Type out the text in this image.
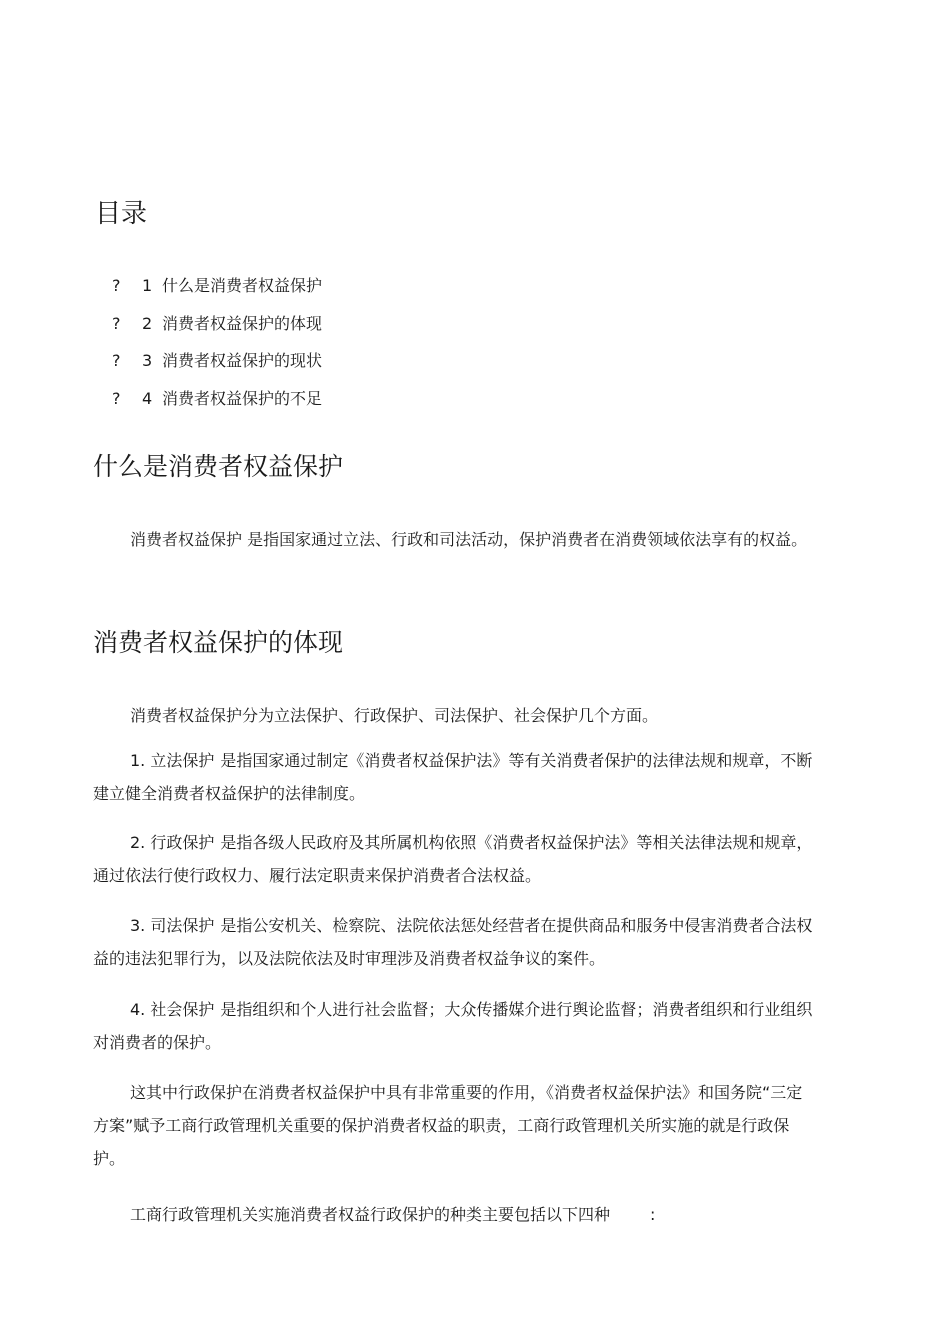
目录
? 1 什么是消费者权益保护
? 2 消费者权益保护的体现
? 3 消费者权益保护的现状
? 4 消费者权益保护的不足
什么是消费者权益保护

消费者权益保护 是指国家通过立法、行政和司法活动，保护消费者在消费领域依法享有的权益。

消费者权益保护的体现

消费者权益保护分为立法保护、行政保护、司法保护、社会保护几个方面。

1. 立法保护 是指国家通过制定《消费者权益保护法》等有关消费者保护的法律法规和规章，不断建立健全消费者权益保护的法律制度。

2. 行政保护 是指各级人民政府及其所属机构依照《消费者权益保护法》等相关法律法规和规章，通过依法行使行政权力、履行法定职责来保护消费者合法权益。

3. 司法保护 是指公安机关、检察院、法院依法惩处经营者在提供商品和服务中侵害消费者合法权益的违法犯罪行为，以及法院依法及时审理涉及消费者权益争议的案件。

4. 社会保护 是指组织和个人进行社会监督；大众传播媒介进行舆论监督；消费者组织和行业组织对消费者的保护。

这其中行政保护在消费者权益保护中具有非常重要的作用，《消费者权益保护法》和国务院“三定方案”赋予工商行政管理机关重要的保护消费者权益的职责，工商行政管理机关所实施的就是行政保护。

工商行政管理机关实施消费者权益行政保护的种类主要包括以下四种	:
